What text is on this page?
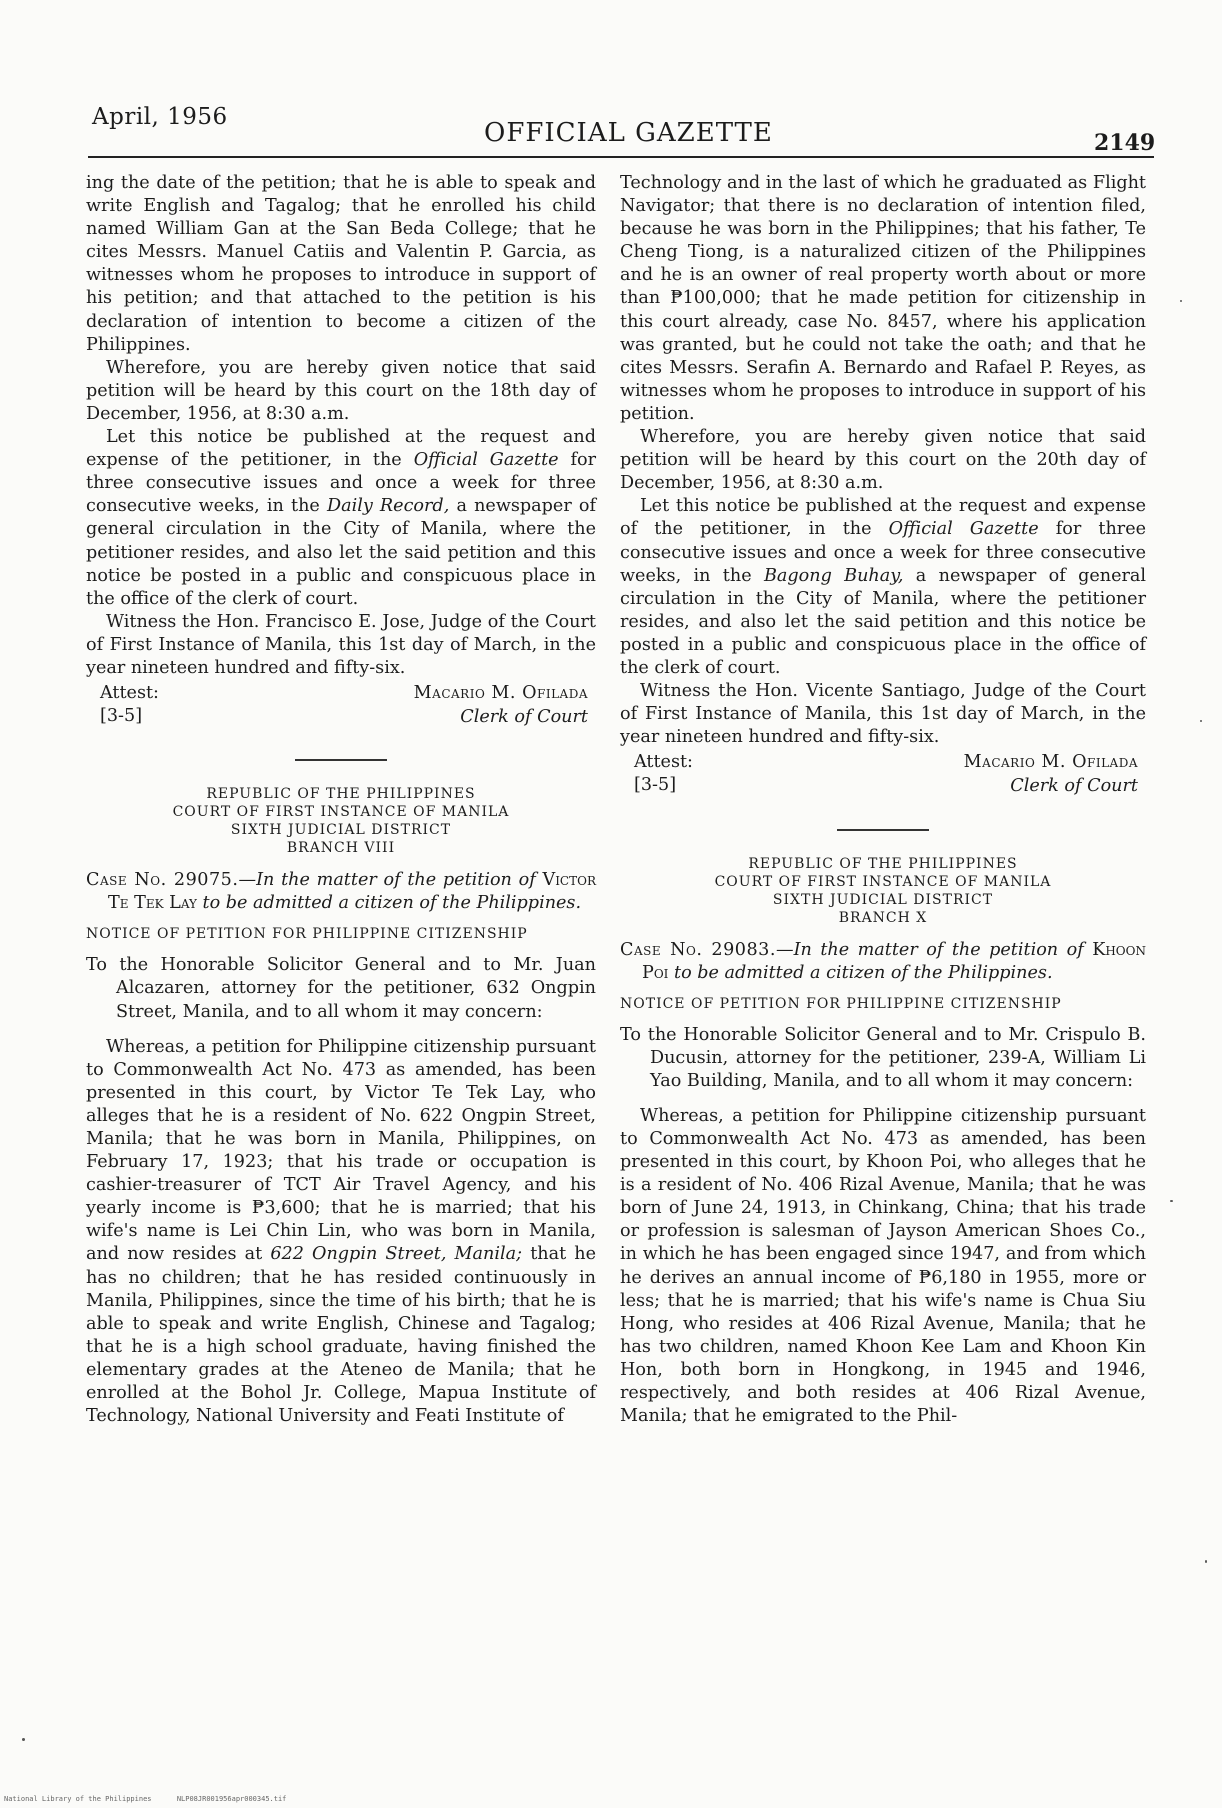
April, 1956
OFFICIAL GAZETTE	2149

ing the date of the petition; that he is able to speak and write English and Tagalog; that he enrolled his child named William Gan at the San Beda College; that he cites Messrs. Manuel Catiis and Valentin P. Garcia, as witnesses whom he proposes to introduce in support of his petition; and that attached to the petition is his declaration of intention to become a citizen of the Philippines.

Wherefore, you are hereby given notice that said petition will be heard by this court on the 18th day of December, 1956, at 8:30 a.m.

Let this notice be published at the request and expense of the petitioner, in the Official Gazette for three consecutive issues and once a week for three consecutive weeks, in the Daily Record, a newspaper of general circulation in the City of Manila, where the petitioner resides, and also let the said petition and this notice be posted in a public and conspicuous place in the office of the clerk of court.

Witness the Hon. Francisco E. Jose, Judge of the Court of First Instance of Manila, this 1st day of March, in the year nineteen hundred and fifty-six.

Attest:
[3-5]
Macario M. Ofilada
Clerk of Court
REPUBLIC OF THE PHILIPPINES
COURT OF FIRST INSTANCE OF MANILA
SIXTH JUDICIAL DISTRICT
BRANCH VIII

Case No. 29075.—In the matter of the petition of Victor Te Tek Lay to be admitted a citizen of the Philippines.

NOTICE OF PETITION FOR PHILIPPINE CITIZENSHIP

To the Honorable Solicitor General and to Mr. Juan Alcazaren, attorney for the petitioner, 632 Ongpin Street, Manila, and to all whom it may concern:

Whereas, a petition for Philippine citizenship pursuant to Commonwealth Act No. 473 as amended, has been presented in this court, by Victor Te Tek Lay, who alleges that he is a resident of No. 622 Ongpin Street, Manila; that he was born in Manila, Philippines, on February 17, 1923; that his trade or occupation is cashier-treasurer of TCT Air Travel Agency, and his yearly income is ₱3,600; that he is married; that his wife's name is Lei Chin Lin, who was born in Manila, and now resides at 622 Ongpin Street, Manila; that he has no children; that he has resided continuously in Manila, Philippines, since the time of his birth; that he is able to speak and write English, Chinese and Tagalog; that he is a high school graduate, having finished the elementary grades at the Ateneo de Manila; that he enrolled at the Bohol Jr. College, Mapua Institute of Technology, National University and Feati Institute of

Technology and in the last of which he graduated as Flight Navigator; that there is no declaration of intention filed, because he was born in the Philippines; that his father, Te Cheng Tiong, is a naturalized citizen of the Philippines and he is an owner of real property worth about or more than ₱100,000; that he made petition for citizenship in this court already, case No. 8457, where his application was granted, but he could not take the oath; and that he cites Messrs. Serafin A. Bernardo and Rafael P. Reyes, as witnesses whom he proposes to introduce in support of his petition.

Wherefore, you are hereby given notice that said petition will be heard by this court on the 20th day of December, 1956, at 8:30 a.m.

Let this notice be published at the request and expense of the petitioner, in the Official Gazette for three consecutive issues and once a week for three consecutive weeks, in the Bagong Buhay, a newspaper of general circulation in the City of Manila, where the petitioner resides, and also let the said petition and this notice be posted in a public and conspicuous place in the office of the clerk of court.

Witness the Hon. Vicente Santiago, Judge of the Court of First Instance of Manila, this 1st day of March, in the year nineteen hundred and fifty-six.

Attest:
[3-5]
Macario M. Ofilada
Clerk of Court
REPUBLIC OF THE PHILIPPINES
COURT OF FIRST INSTANCE OF MANILA
SIXTH JUDICIAL DISTRICT
BRANCH X

Case No. 29083.—In the matter of the petition of Khoon Poi to be admitted a citizen of the Philippines.

NOTICE OF PETITION FOR PHILIPPINE CITIZENSHIP

To the Honorable Solicitor General and to Mr. Crispulo B. Ducusin, attorney for the petitioner, 239-A, William Li Yao Building, Manila, and to all whom it may concern:

Whereas, a petition for Philippine citizenship pursuant to Commonwealth Act No. 473 as amended, has been presented in this court, by Khoon Poi, who alleges that he is a resident of No. 406 Rizal Avenue, Manila; that he was born of June 24, 1913, in Chinkang, China; that his trade or profession is salesman of Jayson American Shoes Co., in which he has been engaged since 1947, and from which he derives an annual income of ₱6,180 in 1955, more or less; that he is married; that his wife's name is Chua Siu Hong, who resides at 406 Rizal Avenue, Manila; that he has two children, named Khoon Kee Lam and Khoon Kin Hon, both born in Hongkong, in 1945 and 1946, respectively, and both resides at 406 Rizal Avenue, Manila; that he emigrated to the Phil-

National Library of the Philippines	NLP08JR001956apr000345.tif
